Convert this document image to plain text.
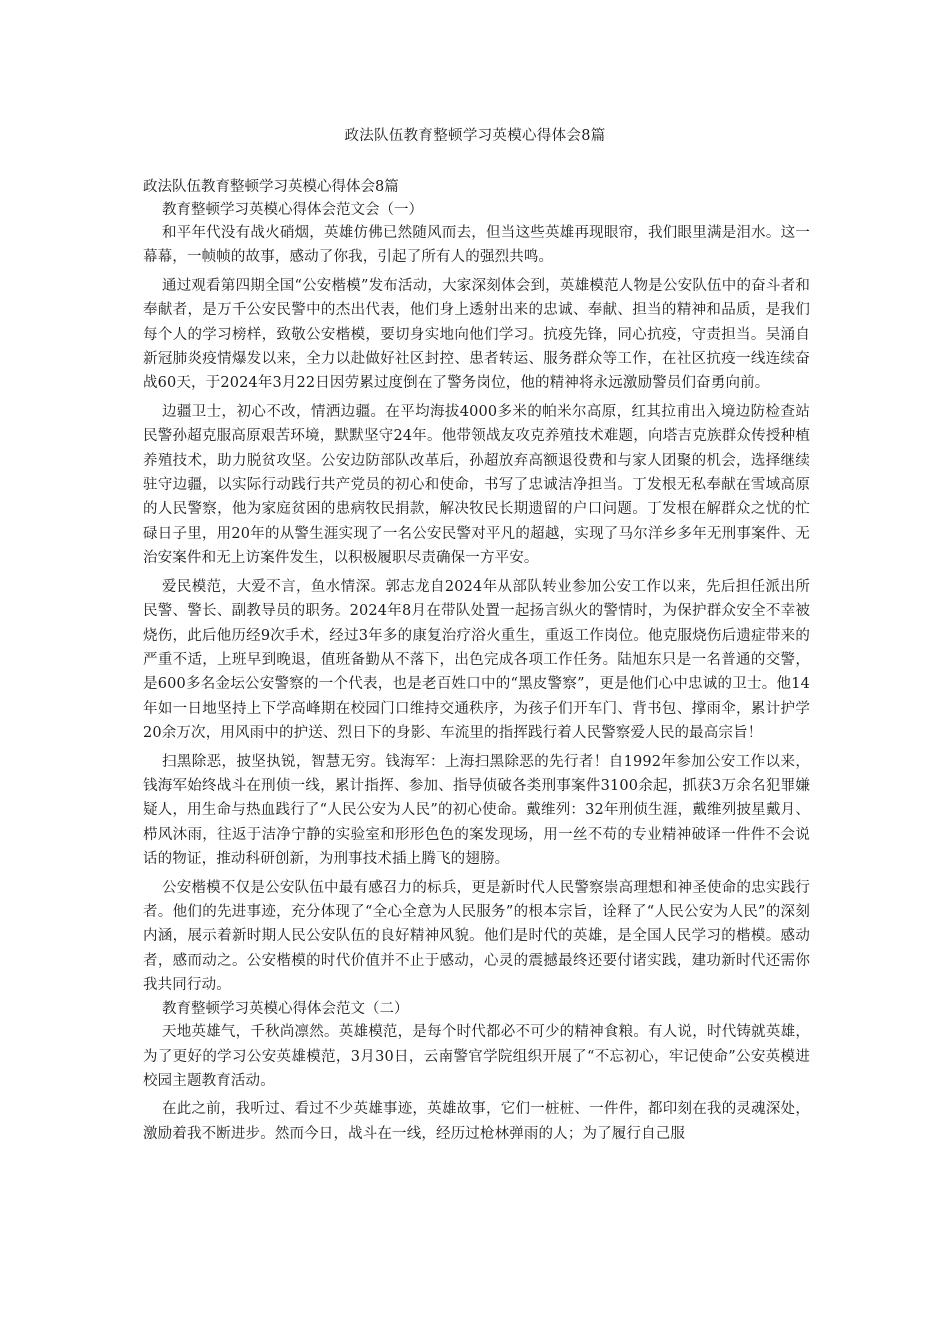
政法队伍教育整顿学习英模心得体会8篇

政法队伍教育整顿学习英模心得体会8篇

教育整顿学习英模心得体会范文会（一）

和平年代没有战火硝烟，英雄仿佛已然随风而去，但当这些英雄再现眼帘，我们眼里满是泪水。这一幕幕，一帧帧的故事，感动了你我，引起了所有人的强烈共鸣。

通过观看第四期全国“公安楷模”发布活动，大家深刻体会到，英雄模范人物是公安队伍中的奋斗者和奉献者，是万千公安民警中的杰出代表，他们身上透射出来的忠诚、奉献、担当的精神和品质，是我们每个人的学习榜样，致敬公安楷模，要切身实地向他们学习。抗疫先锋，同心抗疫，守责担当。吴涌自新冠肺炎疫情爆发以来，全力以赴做好社区封控、患者转运、服务群众等工作，在社区抗疫一线连续奋战60天，于2024年3月22日因劳累过度倒在了警务岗位，他的精神将永远激励警员们奋勇向前。

边疆卫士，初心不改，情洒边疆。在平均海拔4000多米的帕米尔高原，红其拉甫出入境边防检查站民警孙超克服高原艰苦环境，默默坚守24年。他带领战友攻克养殖技术难题，向塔吉克族群众传授种植养殖技术，助力脱贫攻坚。公安边防部队改革后，孙超放弃高额退役费和与家人团聚的机会，选择继续驻守边疆，以实际行动践行共产党员的初心和使命，书写了忠诚洁净担当。丁发根无私奉献在雪域高原的人民警察，他为家庭贫困的患病牧民捐款，解决牧民长期遗留的户口问题。丁发根在解群众之忧的忙碌日子里，用20年的从警生涯实现了一名公安民警对平凡的超越，实现了马尔洋乡多年无刑事案件、无治安案件和无上访案件发生，以积极履职尽责确保一方平安。

爱民模范，大爱不言，鱼水情深。郭志龙自2024年从部队转业参加公安工作以来，先后担任派出所民警、警长、副教导员的职务。2024年8月在带队处置一起扬言纵火的警情时，为保护群众安全不幸被烧伤，此后他历经9次手术，经过3年多的康复治疗浴火重生，重返工作岗位。他克服烧伤后遗症带来的严重不适，上班早到晚退，值班备勤从不落下，出色完成各项工作任务。陆旭东只是一名普通的交警，是600多名金坛公安警察的一个代表，也是老百姓口中的“黑皮警察”，更是他们心中忠诚的卫士。他14年如一日地坚持上下学高峰期在校园门口维持交通秩序，为孩子们开车门、背书包、撑雨伞，累计护学20余万次，用风雨中的护送、烈日下的身影、车流里的指挥践行着人民警察爱人民的最高宗旨！

扫黑除恶，披坚执锐，智慧无穷。钱海军：上海扫黑除恶的先行者！自1992年参加公安工作以来，钱海军始终战斗在刑侦一线，累计指挥、参加、指导侦破各类刑事案件3100余起，抓获3万余名犯罪嫌疑人，用生命与热血践行了“人民公安为人民”的初心使命。戴维列：32年刑侦生涯，戴维列披星戴月、栉风沐雨，往返于洁净宁静的实验室和形形色色的案发现场，用一丝不苟的专业精神破译一件件不会说话的物证，推动科研创新，为刑事技术插上腾飞的翅膀。

公安楷模不仅是公安队伍中最有感召力的标兵，更是新时代人民警察崇高理想和神圣使命的忠实践行者。他们的先进事迹，充分体现了“全心全意为人民服务”的根本宗旨，诠释了“人民公安为人民”的深刻内涵，展示着新时期人民公安队伍的良好精神风貌。他们是时代的英雄，是全国人民学习的楷模。感动者，感而动之。公安楷模的时代价值并不止于感动，心灵的震撼最终还要付诸实践，建功新时代还需你我共同行动。

教育整顿学习英模心得体会范文（二）

天地英雄气，千秋尚凛然。英雄模范，是每个时代都必不可少的精神食粮。有人说，时代铸就英雄，为了更好的学习公安英雄模范，3月30日，云南警官学院组织开展了“不忘初心，牢记使命”公安英模进校园主题教育活动。

在此之前，我听过、看过不少英雄事迹，英雄故事，它们一桩桩、一件件，都印刻在我的灵魂深处，激励着我不断进步。然而今日，战斗在一线，经历过枪林弹雨的人；为了履行自己服
